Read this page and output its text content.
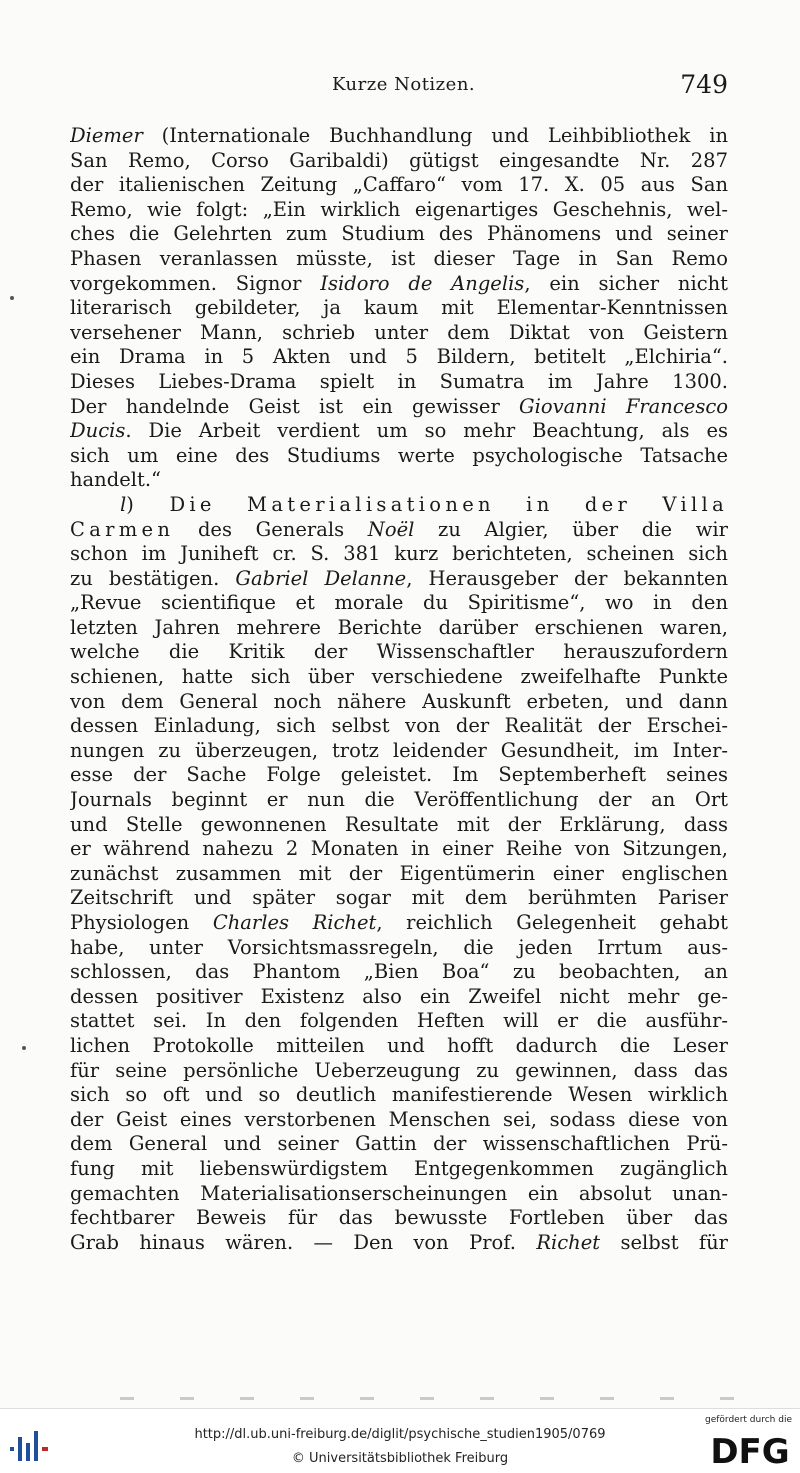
Kurze Notizen.	749
Diemer (Internationale Buchhandlung und Leihbibliothek in
San Remo, Corso Garibaldi) gütigst eingesandte Nr. 287
der italienischen Zeitung „Caffaro“ vom 17. X. 05 aus San
Remo, wie folgt: „Ein wirklich eigenartiges Geschehnis, wel-
ches die Gelehrten zum Studium des Phänomens und seiner
Phasen veranlassen müsste, ist dieser Tage in San Remo
vorgekommen. Signor Isidoro de Angelis, ein sicher nicht
literarisch gebildeter, ja kaum mit Elementar-Kenntnissen
versehener Mann, schrieb unter dem Diktat von Geistern
ein Drama in 5 Akten und 5 Bildern, betitelt „Elchiria“.
Dieses Liebes-Drama spielt in Sumatra im Jahre 1300.
Der handelnde Geist ist ein gewisser Giovanni Francesco
Ducis. Die Arbeit verdient um so mehr Beachtung, als es
sich um eine des Studiums werte psychologische Tatsache
handelt.“
l) Die Materialisationen in der Villa
Carmen des Generals Noël zu Algier, über die wir
schon im Juniheft cr. S. 381 kurz berichteten, scheinen sich
zu bestätigen. Gabriel Delanne, Herausgeber der bekannten
„Revue scientifique et morale du Spiritisme“, wo in den
letzten Jahren mehrere Berichte darüber erschienen waren,
welche die Kritik der Wissenschaftler herauszufordern
schienen, hatte sich über verschiedene zweifelhafte Punkte
von dem General noch nähere Auskunft erbeten, und dann
dessen Einladung, sich selbst von der Realität der Erschei-
nungen zu überzeugen, trotz leidender Gesundheit, im Inter-
esse der Sache Folge geleistet. Im Septemberheft seines
Journals beginnt er nun die Veröffentlichung der an Ort
und Stelle gewonnenen Resultate mit der Erklärung, dass
er während nahezu 2 Monaten in einer Reihe von Sitzungen,
zunächst zusammen mit der Eigentümerin einer englischen
Zeitschrift und später sogar mit dem berühmten Pariser
Physiologen Charles Richet, reichlich Gelegenheit gehabt
habe, unter Vorsichtsmassregeln, die jeden Irrtum aus-
schlossen, das Phantom „Bien Boa“ zu beobachten, an
dessen positiver Existenz also ein Zweifel nicht mehr ge-
stattet sei. In den folgenden Heften will er die ausführ-
lichen Protokolle mitteilen und hofft dadurch die Leser
für seine persönliche Ueberzeugung zu gewinnen, dass das
sich so oft und so deutlich manifestierende Wesen wirklich
der Geist eines verstorbenen Menschen sei, sodass diese von
dem General und seiner Gattin der wissenschaftlichen Prü-
fung mit liebenswürdigstem Entgegenkommen zugänglich
gemachten Materialisationserscheinungen ein absolut unan-
fechtbarer Beweis für das bewusste Fortleben über das
Grab hinaus wären. — Den von Prof. Richet selbst für
http://dl.ub.uni-freiburg.de/diglit/psychische_studien1905/0769
© Universitätsbibliothek Freiburg
gefördert durch die
DFG
